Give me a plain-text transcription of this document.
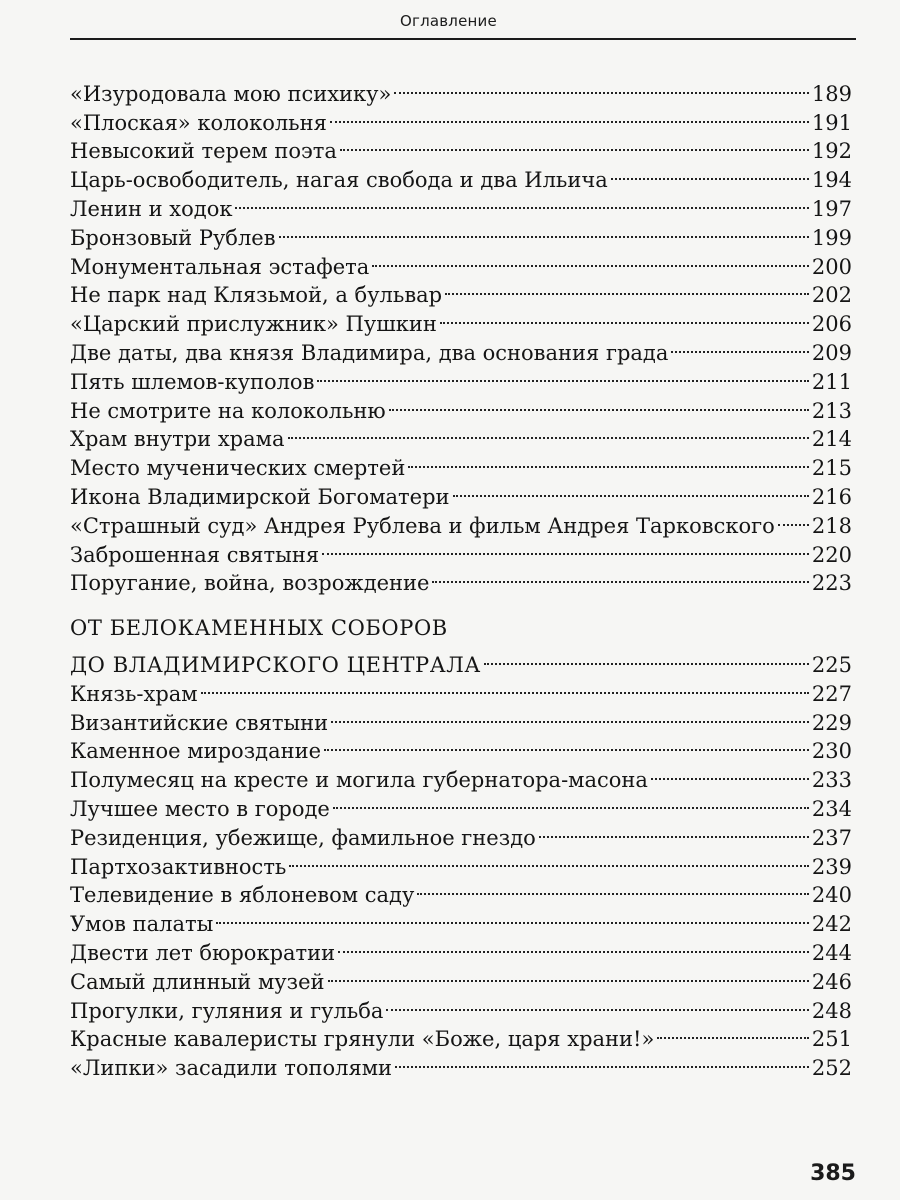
Оглавление
«Изуродовала мою психику»	189
«Плоская» колокольня	191
Невысокий терем поэта	192
Царь-освободитель, нагая свобода и два Ильича	194
Ленин и ходок	197
Бронзовый Рублев	199
Монументальная эстафета	200
Не парк над Клязьмой, а бульвар	202
«Царский прислужник» Пушкин	206
Две даты, два князя Владимира, два основания града	209
Пять шлемов-куполов	211
Не смотрите на колокольню	213
Храм внутри храма	214
Место мученических смертей	215
Икона Владимирской Богоматери	216
«Страшный суд» Андрея Рублева и фильм Андрея Тарковского 218
Заброшенная святыня	220
Поругание, война, возрождение	223
ОТ БЕЛОКАМЕННЫХ СОБОРОВ
ДО ВЛАДИМИРСКОГО ЦЕНТРАЛА	225
Князь-храм	227
Византийские святыни	229
Каменное мироздание	230
Полумесяц на кресте и могила губернатора-масона	233
Лучшее место в городе	234
Резиденция, убежище, фамильное гнездо	237
Партхозактивность	239
Телевидение в яблоневом саду	240
Умов палаты	242
Двести лет бюрократии	244
Самый длинный музей	246
Прогулки, гуляния и гульба	248
Красные кавалеристы грянули «Боже, царя храни!»	251
«Липки» засадили тополями	252
385
